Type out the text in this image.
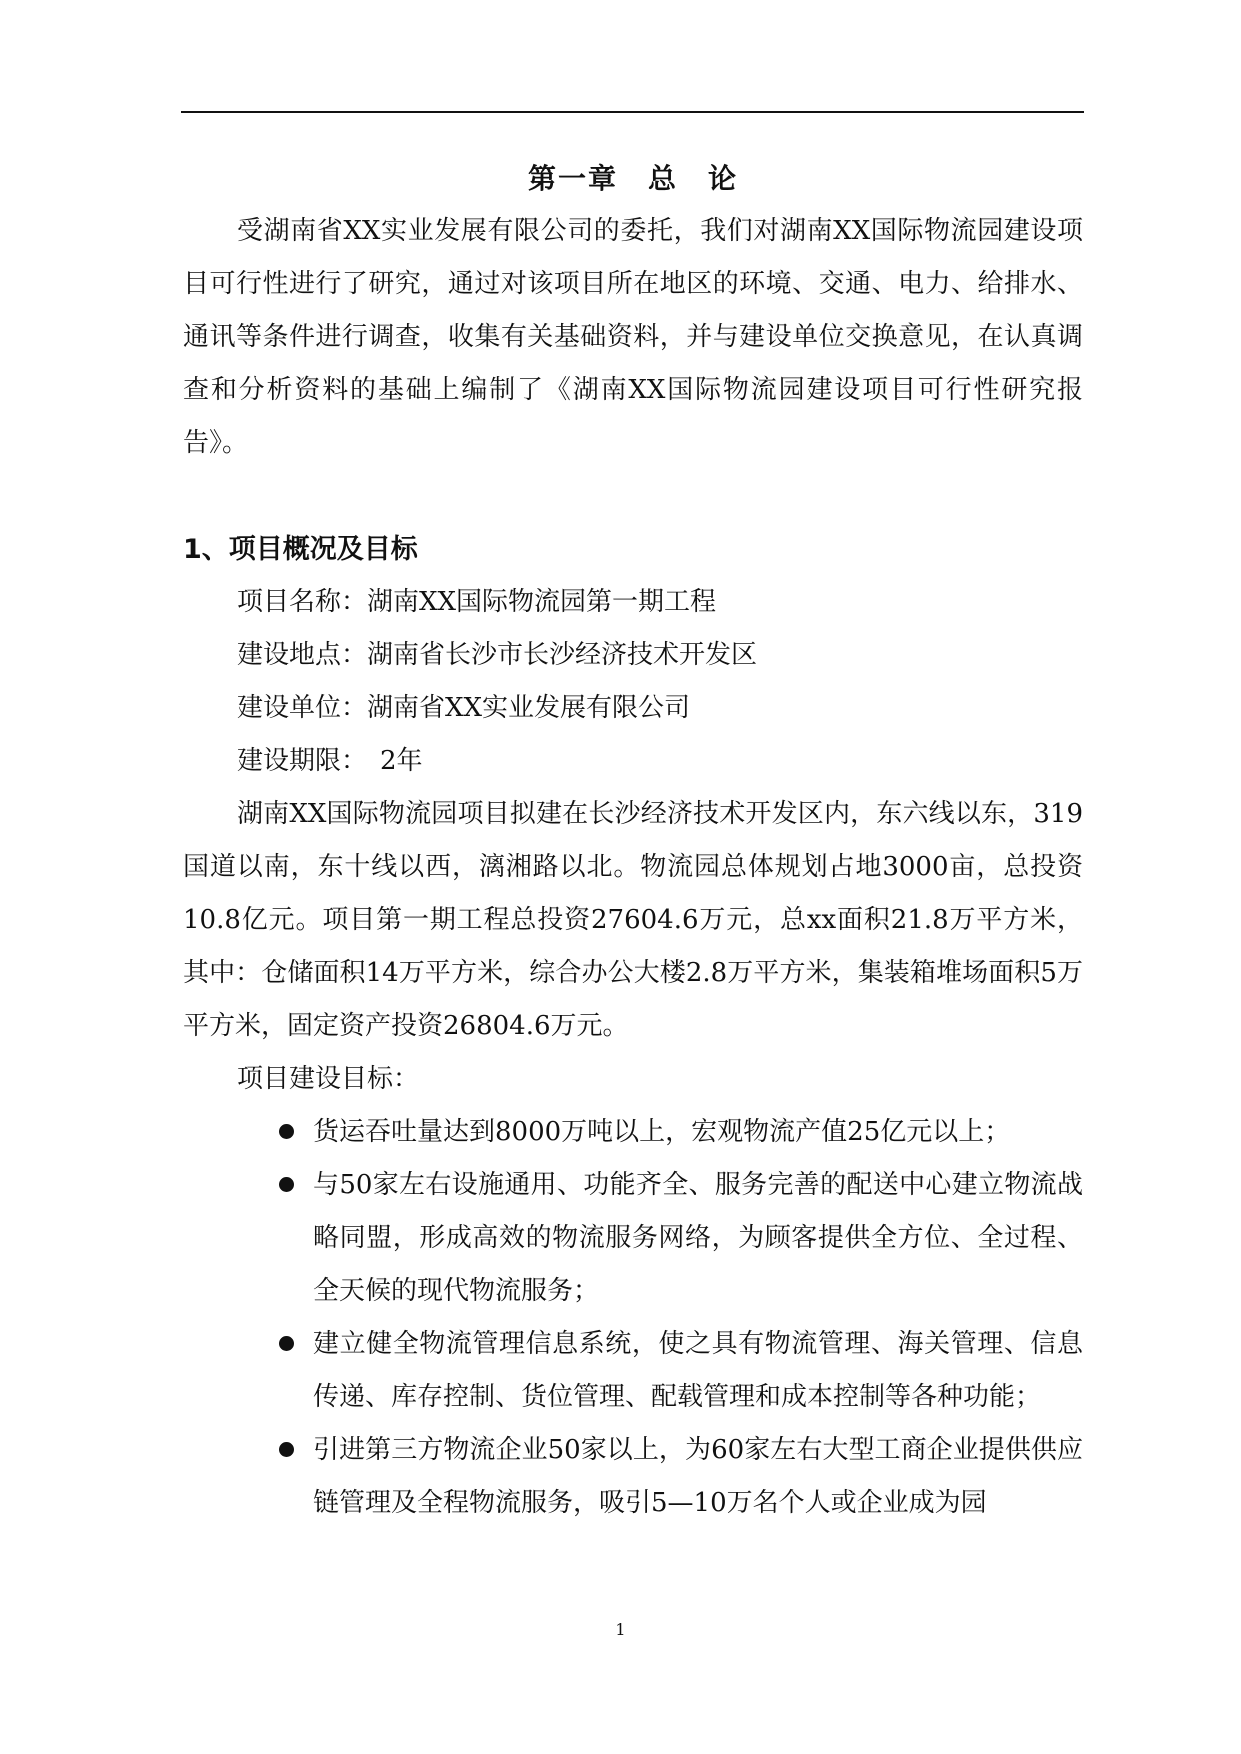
第一章　总　论

受湖南省XX实业发展有限公司的委托，我们对湖南XX国际物流园建设项目可行性进行了研究，通过对该项目所在地区的环境、交通、电力、给排水、通讯等条件进行调查，收集有关基础资料，并与建设单位交换意见，在认真调查和分析资料的基础上编制了《湖南XX国际物流园建设项目可行性研究报告》。

1、项目概况及目标

项目名称：湖南XX国际物流园第一期工程

建设地点：湖南省长沙市长沙经济技术开发区

建设单位：湖南省XX实业发展有限公司

建设期限：　2年

湖南XX国际物流园项目拟建在长沙经济技术开发区内，东六线以东，319国道以南，东十线以西，漓湘路以北。物流园总体规划占地3000亩，总投资10.8亿元。项目第一期工程总投资27604.6万元，总xx面积21.8万平方米，其中：仓储面积14万平方米，综合办公大楼2.8万平方米，集装箱堆场面积5万平方米，固定资产投资26804.6万元。

项目建设目标：

货运吞吐量达到8000万吨以上，宏观物流产值25亿元以上；
与50家左右设施通用、功能齐全、服务完善的配送中心建立物流战略同盟，形成高效的物流服务网络，为顾客提供全方位、全过程、全天候的现代物流服务；
建立健全物流管理信息系统，使之具有物流管理、海关管理、信息传递、库存控制、货位管理、配载管理和成本控制等各种功能；
引进第三方物流企业50家以上，为60家左右大型工商企业提供供应链管理及全程物流服务，吸引5—10万名个人或企业成为园
1
